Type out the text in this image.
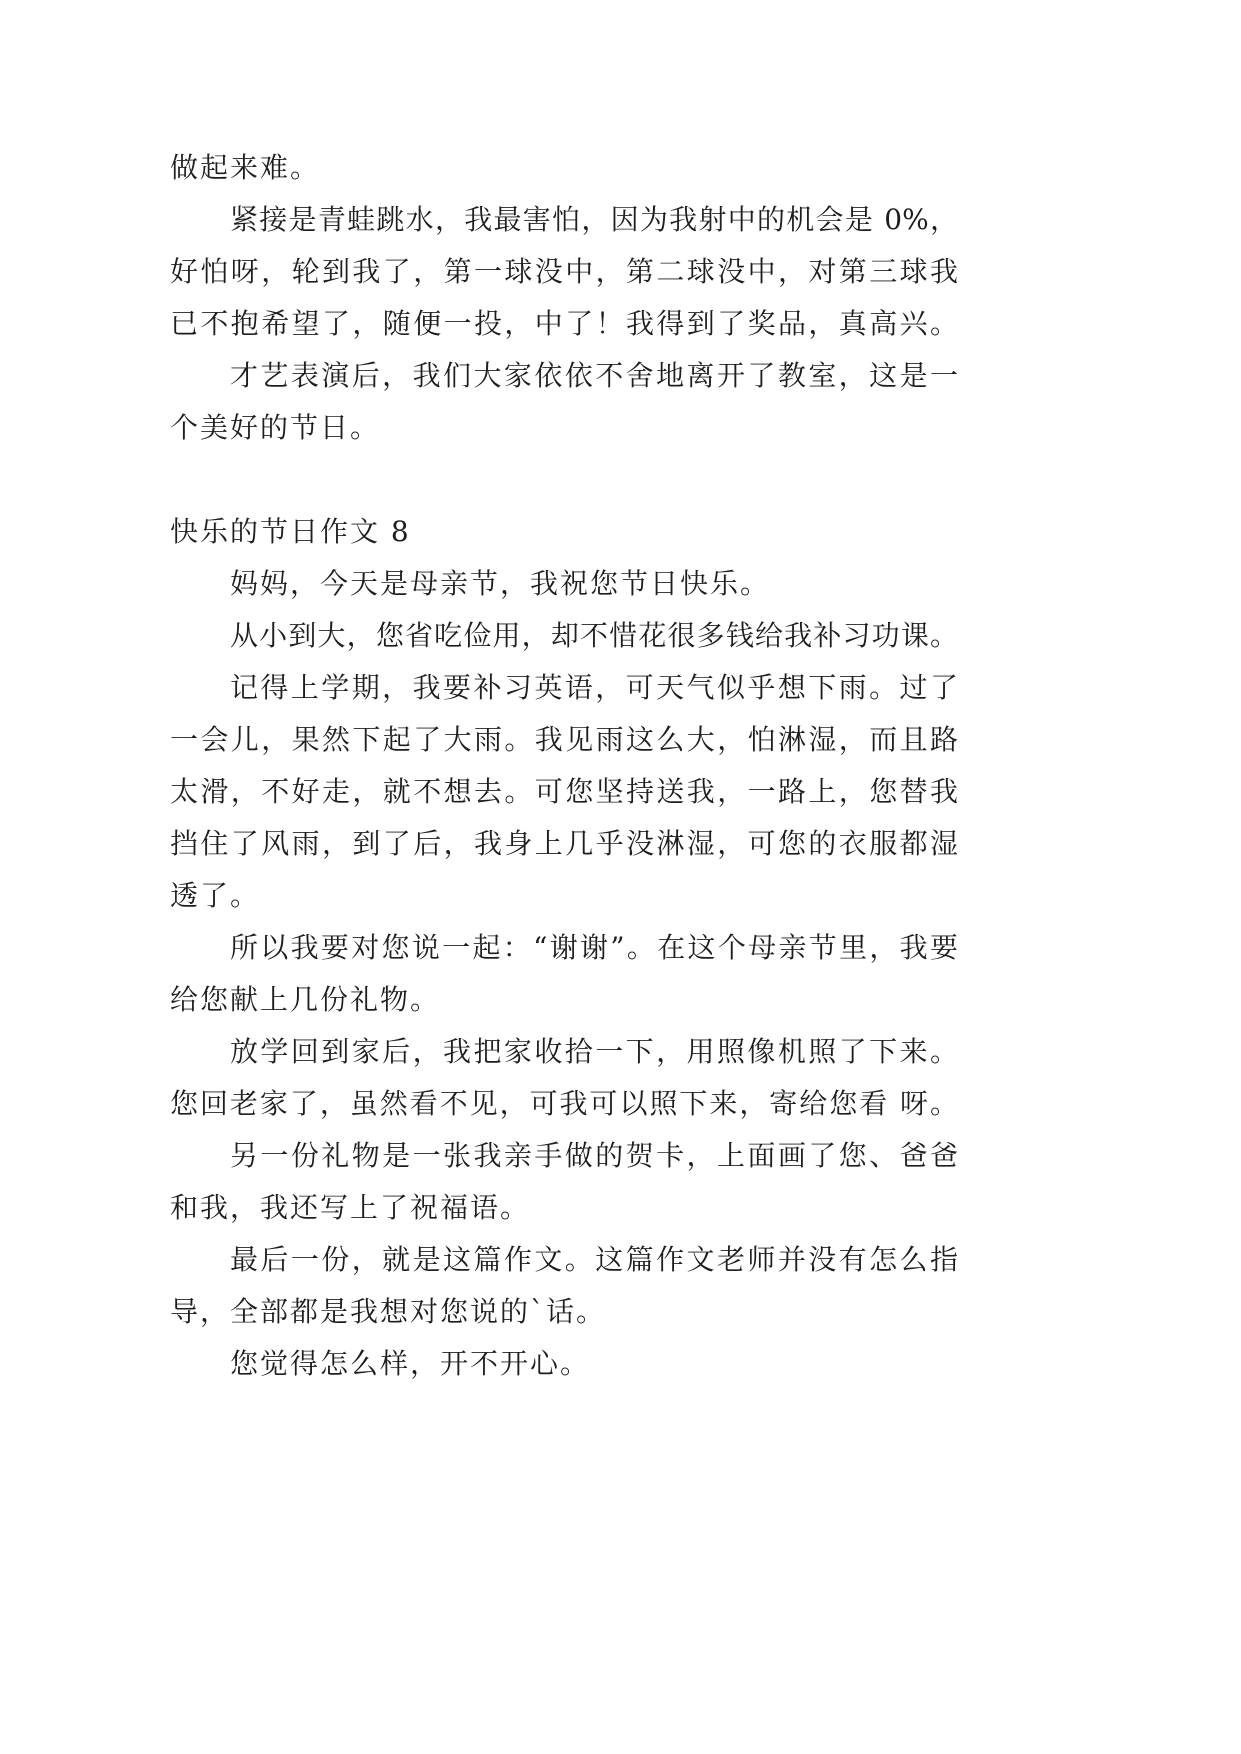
做起来难。
紧接是青蛙跳水，我最害怕，因为我射中的机会是 0%，
好怕呀，轮到我了，第一球没中，第二球没中，对第三球我
已不抱希望了，随便一投，中了！我得到了奖品，真高兴。
才艺表演后，我们大家依依不舍地离开了教室，这是一
个美好的节日。
快乐的节日作文 8
妈妈，今天是母亲节，我祝您节日快乐。
从小到大，您省吃俭用，却不惜花很多钱给我补习功课。
记得上学期，我要补习英语，可天气似乎想下雨。过了
一会儿，果然下起了大雨。我见雨这么大，怕淋湿，而且路
太滑，不好走，就不想去。可您坚持送我，一路上，您替我
挡住了风雨，到了后，我身上几乎没淋湿，可您的衣服都湿
透了。
所以我要对您说一起：“谢谢”。在这个母亲节里，我要
给您献上几份礼物。
放学回到家后，我把家收拾一下，用照像机照了下来。
您回老家了，虽然看不见，可我可以照下来，寄给您看 呀。
另一份礼物是一张我亲手做的贺卡，上面画了您、爸爸
和我，我还写上了祝福语。
最后一份，就是这篇作文。这篇作文老师并没有怎么指
导，全部都是我想对您说的`话。
您觉得怎么样，开不开心。
